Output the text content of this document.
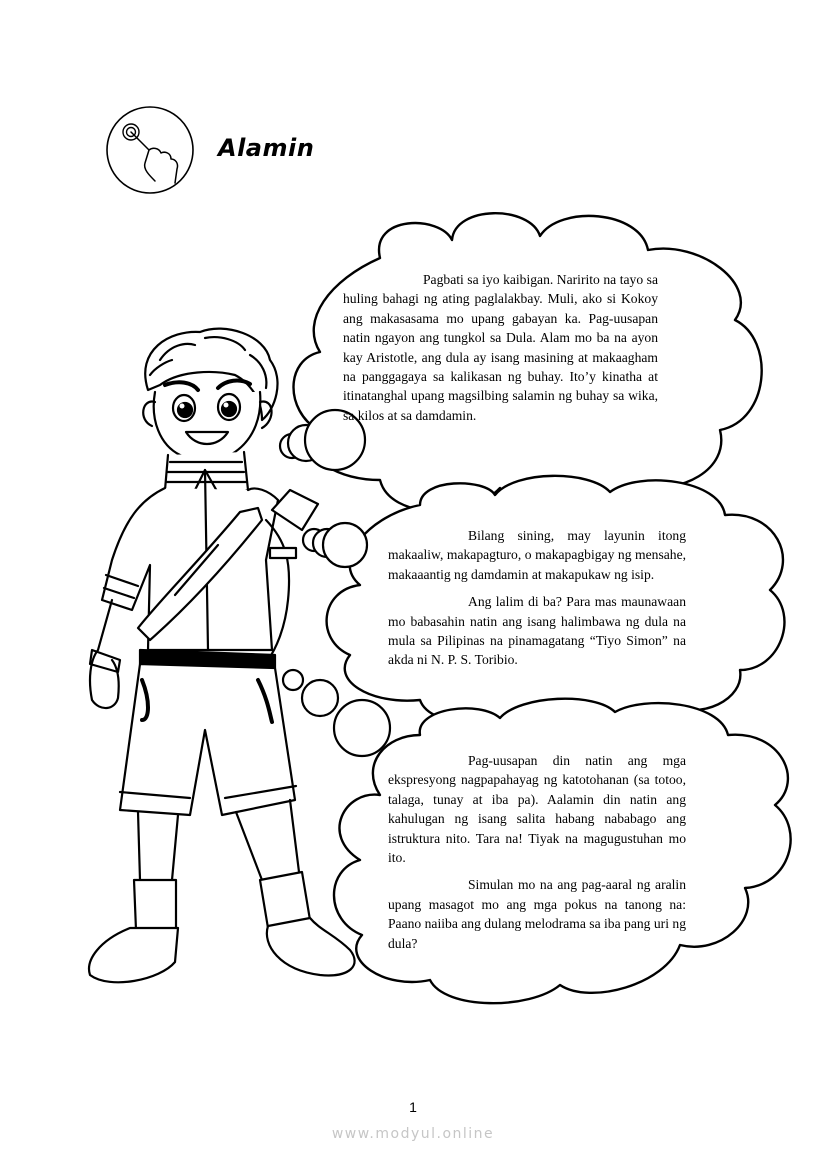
Alamin

Pagbati sa iyo kaibigan. Naririto na tayo sa huling bahagi ng ating paglalakbay. Muli, ako si Kokoy ang makasasama mo upang gabayan ka. Pag-uusapan natin ngayon ang tungkol sa Dula. Alam mo ba na ayon kay Aristotle, ang dula ay isang masining at makaagham na panggagaya sa kalikasan ng buhay. Ito’y kinatha at itinatanghal upang magsilbing salamin ng buhay sa wika, sa kilos at sa damdamin.

Bilang sining, may layunin itong makaaliw, makapagturo, o makapagbigay ng mensahe, makaaantig ng damdamin at makapukaw ng isip.

Ang lalim di ba? Para mas maunawaan mo babasahin natin ang isang halimbawa ng dula na mula sa Pilipinas na pinamagatang “Tiyo Simon” na akda ni N. P. S. Toribio.

Pag-uusapan din natin ang mga ekspresyong nagpapahayag ng katotohanan (sa totoo, talaga, tunay at iba pa). Aalamin din natin ang kahulugan ng isang salita habang nababago ang istruktura nito. Tara na! Tiyak na magugustuhan mo ito.

Simulan mo na ang pag-aaral ng aralin upang masagot mo ang mga pokus na tanong na: Paano naiiba ang dulang melodrama sa iba pang uri ng dula?

1
www.modyul.online
